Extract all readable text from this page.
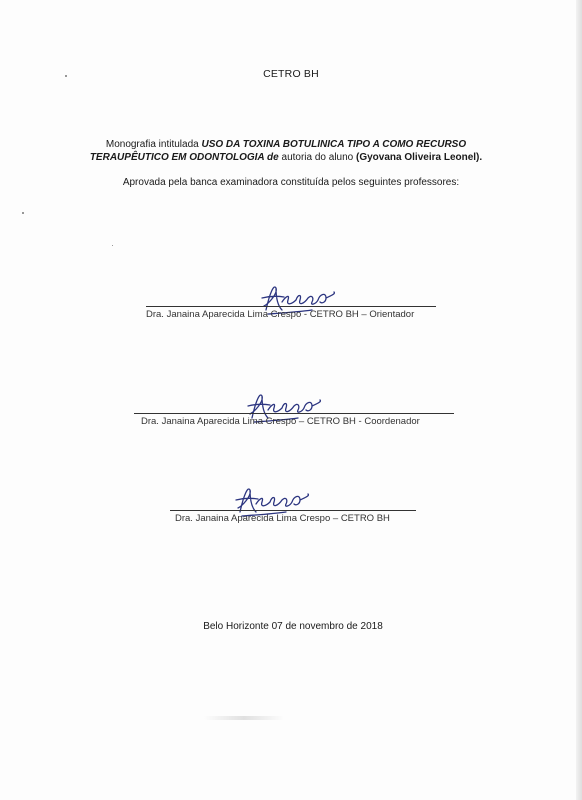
CETRO BH
Monografia intitulada USO DA TOXINA BOTULINICA TIPO A COMO RECURSO TERAUPÊUTICO EM ODONTOLOGIA de autoria do aluno (Gyovana Oliveira Leonel).
Aprovada pela banca examinadora constituída pelos seguintes professores:
Dra. Janaina Aparecida Lima Crespo - CETRO BH – Orientador
Dra. Janaina Aparecida Lima Crespo – CETRO BH - Coordenador
Dra. Janaina Aparecida Lima Crespo – CETRO BH
Belo Horizonte 07 de novembro de 2018
